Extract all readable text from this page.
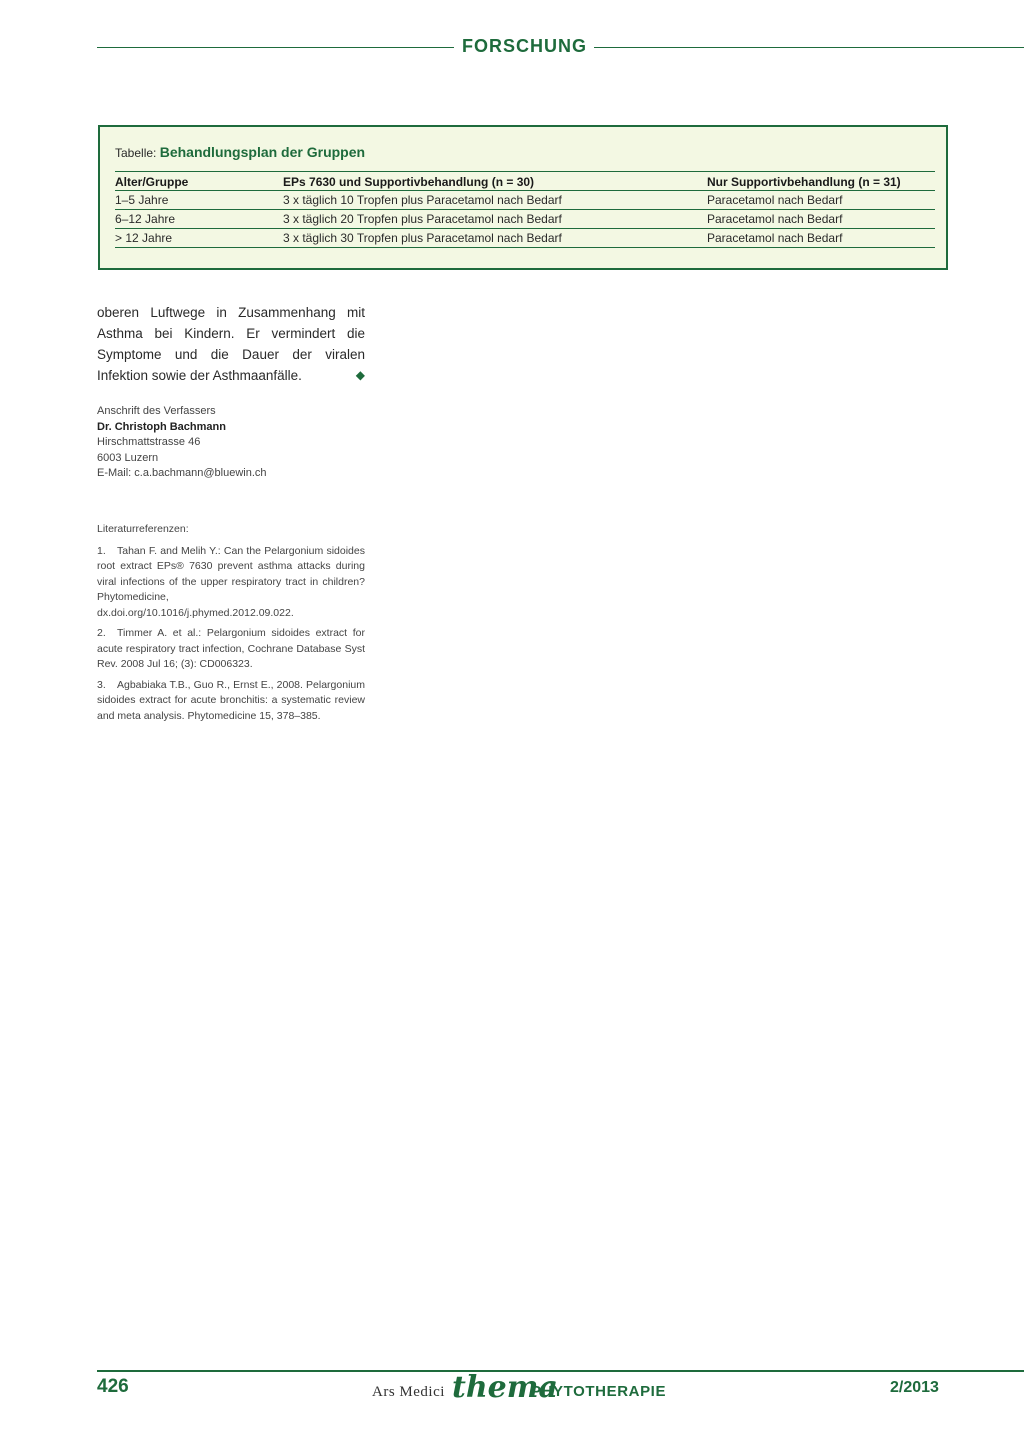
FORSCHUNG
Tabelle: Behandlungsplan der Gruppen
Alter/Gruppe	EPs 7630 und Supportivbehandlung (n = 30)	Nur Supportivbehandlung (n = 31)
1–5 Jahre	3 x täglich 10 Tropfen plus Paracetamol nach Bedarf	Paracetamol nach Bedarf
6–12 Jahre	3 x täglich 20 Tropfen plus Paracetamol nach Bedarf	Paracetamol nach Bedarf
> 12 Jahre	3 x täglich 30 Tropfen plus Paracetamol nach Bedarf	Paracetamol nach Bedarf
oberen Luftwege in Zusammenhang mit Asthma bei Kindern. Er vermindert die Symptome und die Dauer der viralen Infektion sowie der Asthmaanfälle.	◆
Anschrift des Verfassers
Dr. Christoph Bachmann
Hirschmattstrasse 46
6003 Luzern
E-Mail: c.a.bachmann@bluewin.ch
Literaturreferenzen:
1. Tahan F. and Melih Y.: Can the Pelargonium sidoides root extract EPs® 7630 prevent asthma attacks during viral infections of the upper respiratory tract in children? Phytomedicine, dx.doi.org/10.1016/j.phymed.2012.09.022.
2. Timmer A. et al.: Pelargonium sidoides extract for acute respiratory tract infection, Cochrane Database Syst Rev. 2008 Jul 16; (3): CD006323.
3. Agbabiaka T.B., Guo R., Ernst E., 2008. Pelargonium sidoides extract for acute bronchitis: a systematic review and meta analysis. Phytomedicine 15, 378–385.
426	Ars Medici thema
PHYTOTHERAPIE	2/2013
